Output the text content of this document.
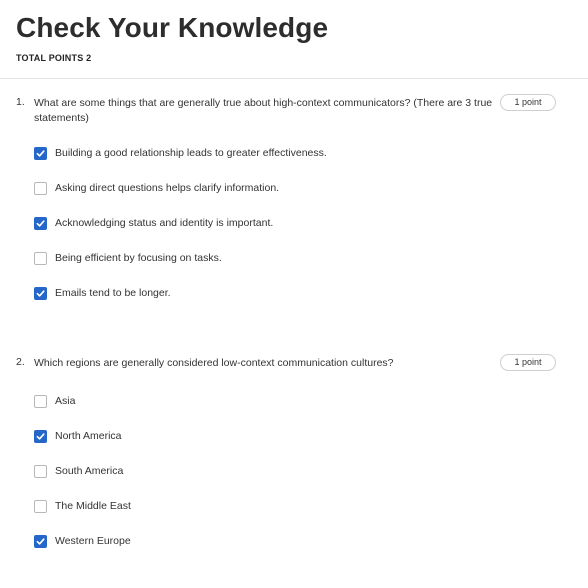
Check Your Knowledge
TOTAL POINTS 2
1. What are some things that are generally true about high-context communicators? (There are 3 true statements)
1 point
Building a good relationship leads to greater effectiveness.
Asking direct questions helps clarify information.
Acknowledging status and identity is important.
Being efficient by focusing on tasks.
Emails tend to be longer.
2. Which regions are generally considered low-context communication cultures?	1 point
Asia
North America
South America
The Middle East
Western Europe
